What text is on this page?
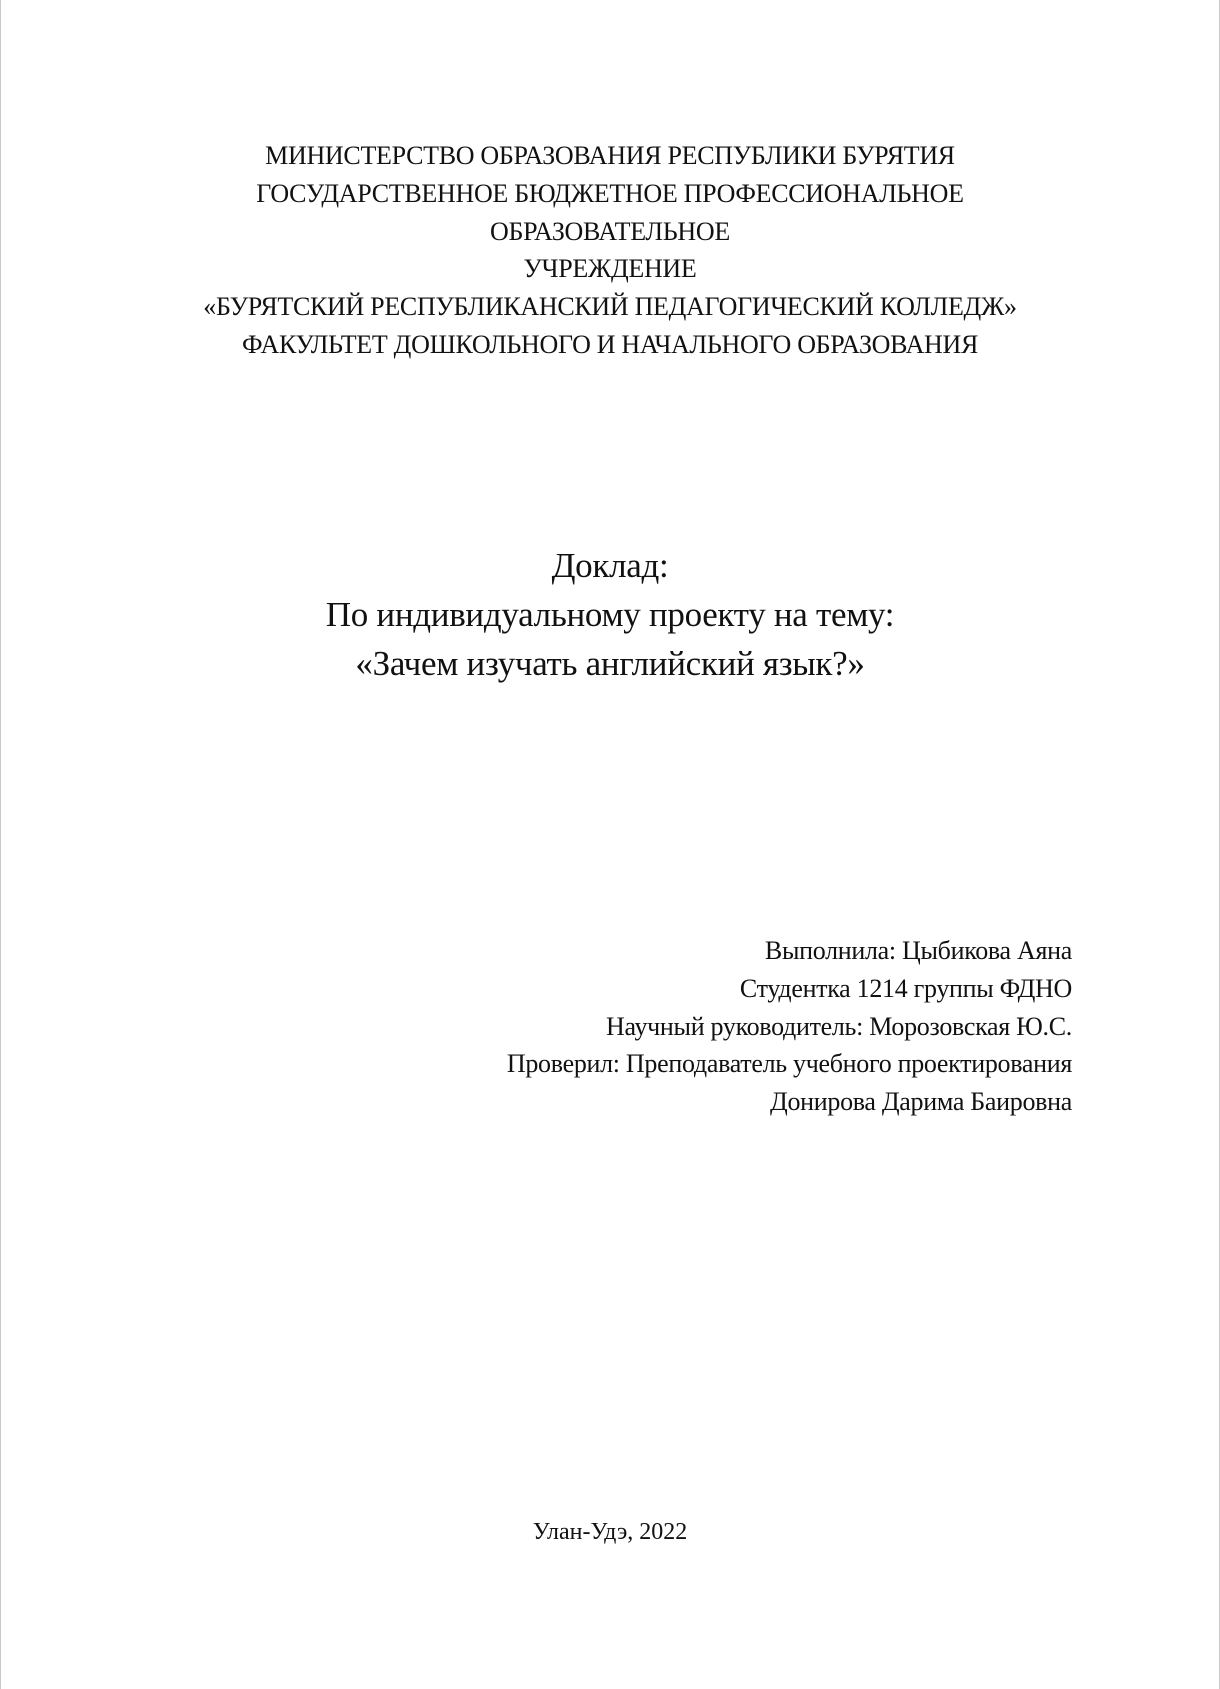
МИНИСТЕРСТВО ОБРАЗОВАНИЯ РЕСПУБЛИКИ БУРЯТИЯ
ГОСУДАРСТВЕННОЕ БЮДЖЕТНОЕ ПРОФЕССИОНАЛЬНОЕ
ОБРАЗОВАТЕЛЬНОЕ
УЧРЕЖДЕНИЕ
«БУРЯТСКИЙ РЕСПУБЛИКАНСКИЙ ПЕДАГОГИЧЕСКИЙ КОЛЛЕДЖ»
ФАКУЛЬТЕТ ДОШКОЛЬНОГО И НАЧАЛЬНОГО ОБРАЗОВАНИЯ
Доклад:
По индивидуальному проекту на тему:
«Зачем изучать английский язык?»
Выполнила: Цыбикова Аяна
Студентка 1214 группы ФДНО
Научный руководитель: Морозовская Ю.С.
Проверил: Преподаватель учебного проектирования
Донирова Дарима Баировна
Улан-Удэ, 2022
